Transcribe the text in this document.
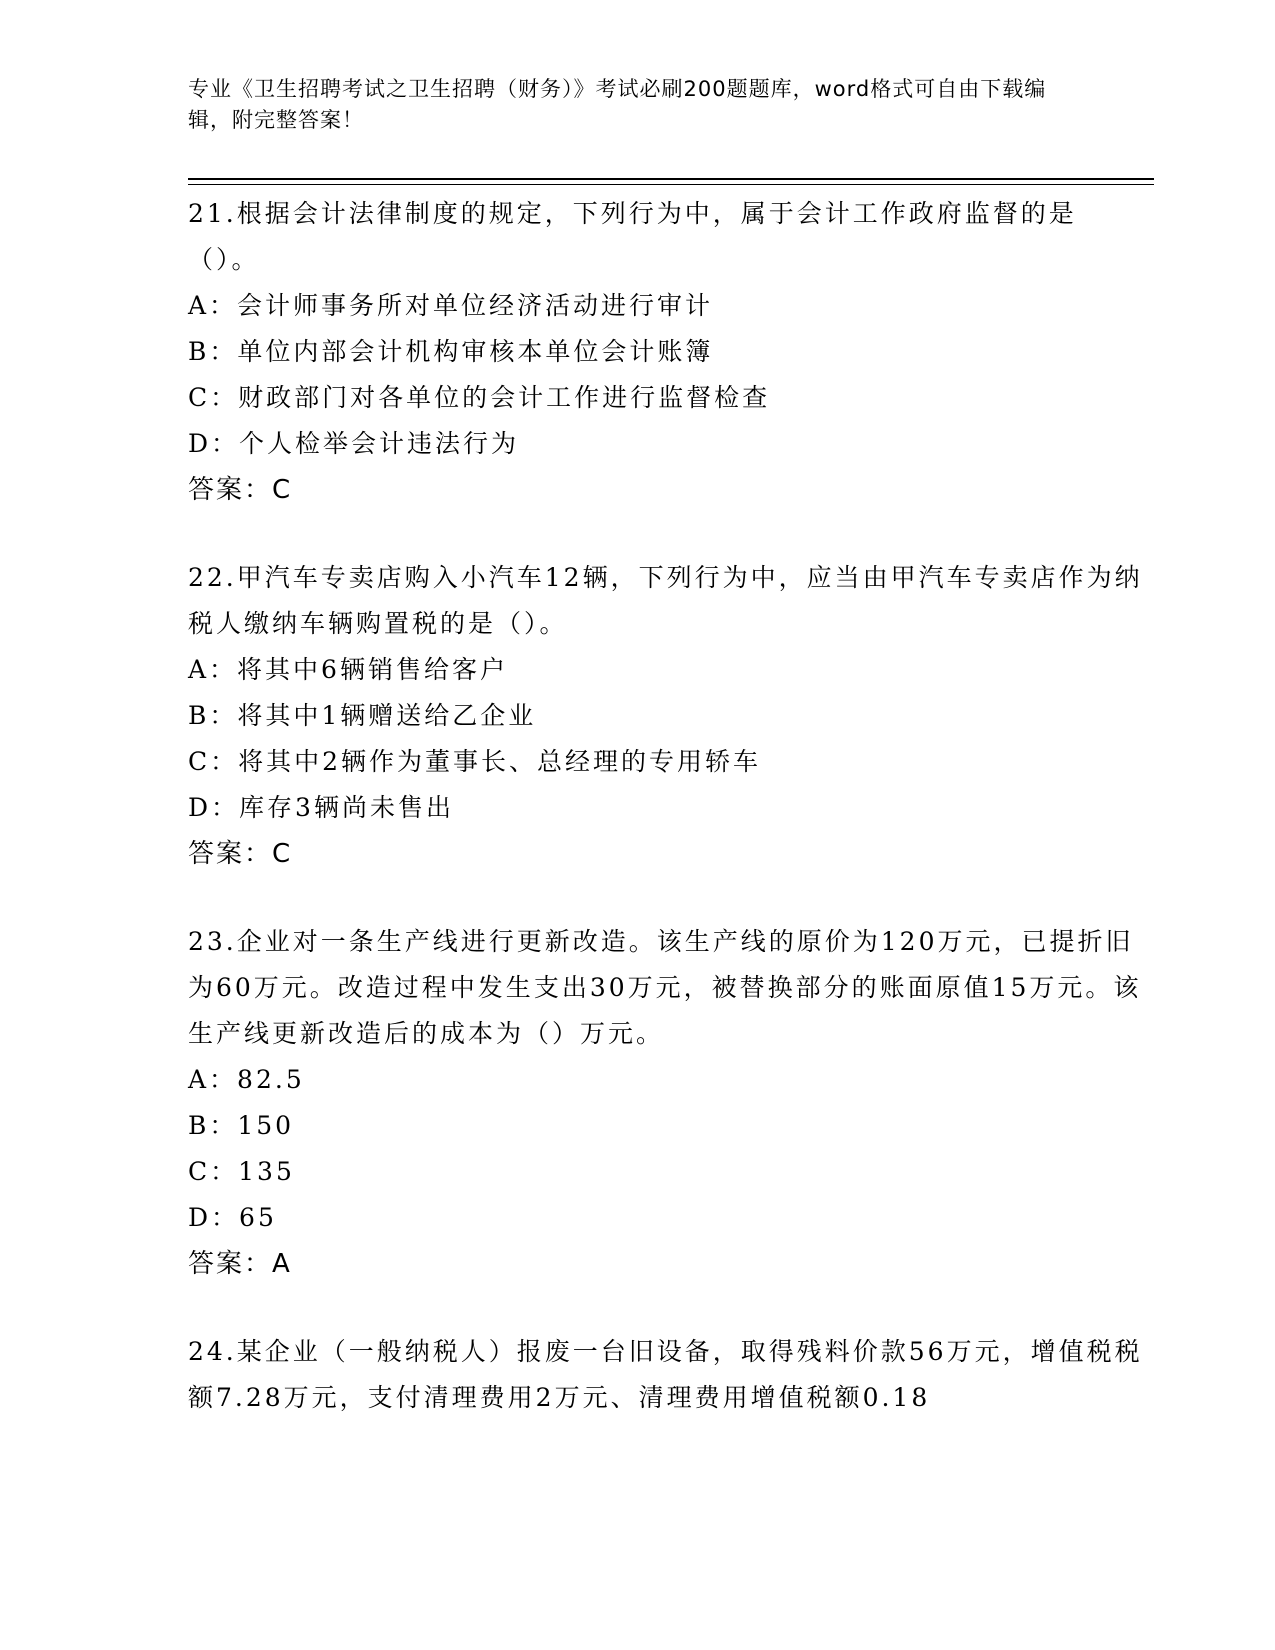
专业《卫生招聘考试之卫生招聘（财务）》考试必刷200题题库，word格式可自由下载编辑，附完整答案！
21.根据会计法律制度的规定，下列行为中，属于会计工作政府监督的是（）。
A：会计师事务所对单位经济活动进行审计
B：单位内部会计机构审核本单位会计账簿
C：财政部门对各单位的会计工作进行监督检查
D：个人检举会计违法行为
答案：C
22.甲汽车专卖店购入小汽车12辆，下列行为中，应当由甲汽车专卖店作为纳税人缴纳车辆购置税的是（）。
A：将其中6辆销售给客户
B：将其中1辆赠送给乙企业
C：将其中2辆作为董事长、总经理的专用轿车
D：库存3辆尚未售出
答案：C
23.企业对一条生产线进行更新改造。该生产线的原价为120万元，已提折旧为60万元。改造过程中发生支出30万元，被替换部分的账面原值15万元。该生产线更新改造后的成本为（）万元。
A：82.5
B：150
C：135
D：65
答案：A
24.某企业（一般纳税人）报废一台旧设备，取得残料价款56万元，增值税税额7.28万元，支付清理费用2万元、清理费用增值税额0.18
